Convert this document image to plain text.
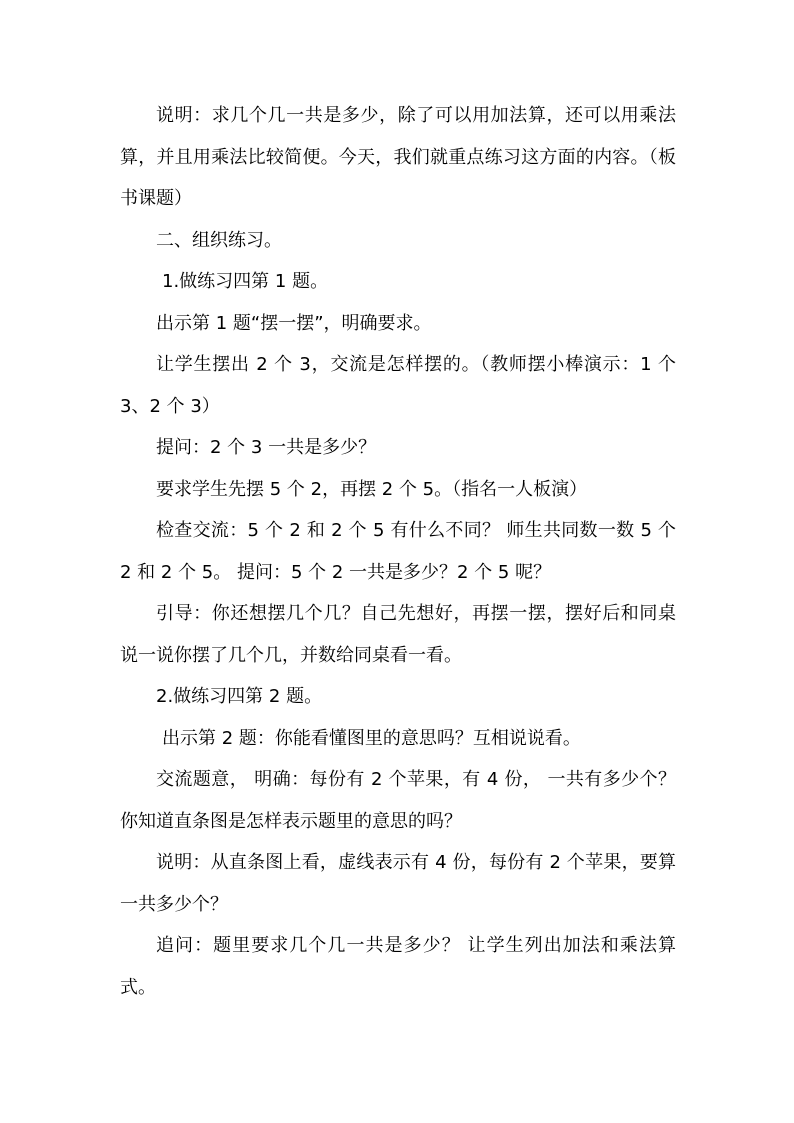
说明：求几个几一共是多少，除了可以用加法算，还可以用乘法算，并且用乘法比较简便。今天，我们就重点练习这方面的内容。（板书课题）

二、组织练习。

1.做练习四第 1 题。

出示第 1 题“摆一摆”，明确要求。

让学生摆出 2 个 3，交流是怎样摆的。（教师摆小棒演示：1 个 3、2 个 3）

提问：2 个 3 一共是多少？

要求学生先摆 5 个 2，再摆 2 个 5。（指名一人板演）

检查交流：5 个 2 和 2 个 5 有什么不同？ 师生共同数一数 5 个 2 和 2 个 5。 提问：5 个 2 一共是多少？2 个 5 呢？

引导：你还想摆几个几？自己先想好，再摆一摆，摆好后和同桌说一说你摆了几个几，并数给同桌看一看。

2.做练习四第 2 题。

出示第 2 题：你能看懂图里的意思吗？互相说说看。

交流题意， 明确：每份有 2 个苹果，有 4 份， 一共有多少个？你知道直条图是怎样表示题里的意思的吗？

说明：从直条图上看，虚线表示有 4 份，每份有 2 个苹果，要算一共多少个？

追问：题里要求几个几一共是多少？ 让学生列出加法和乘法算式。
